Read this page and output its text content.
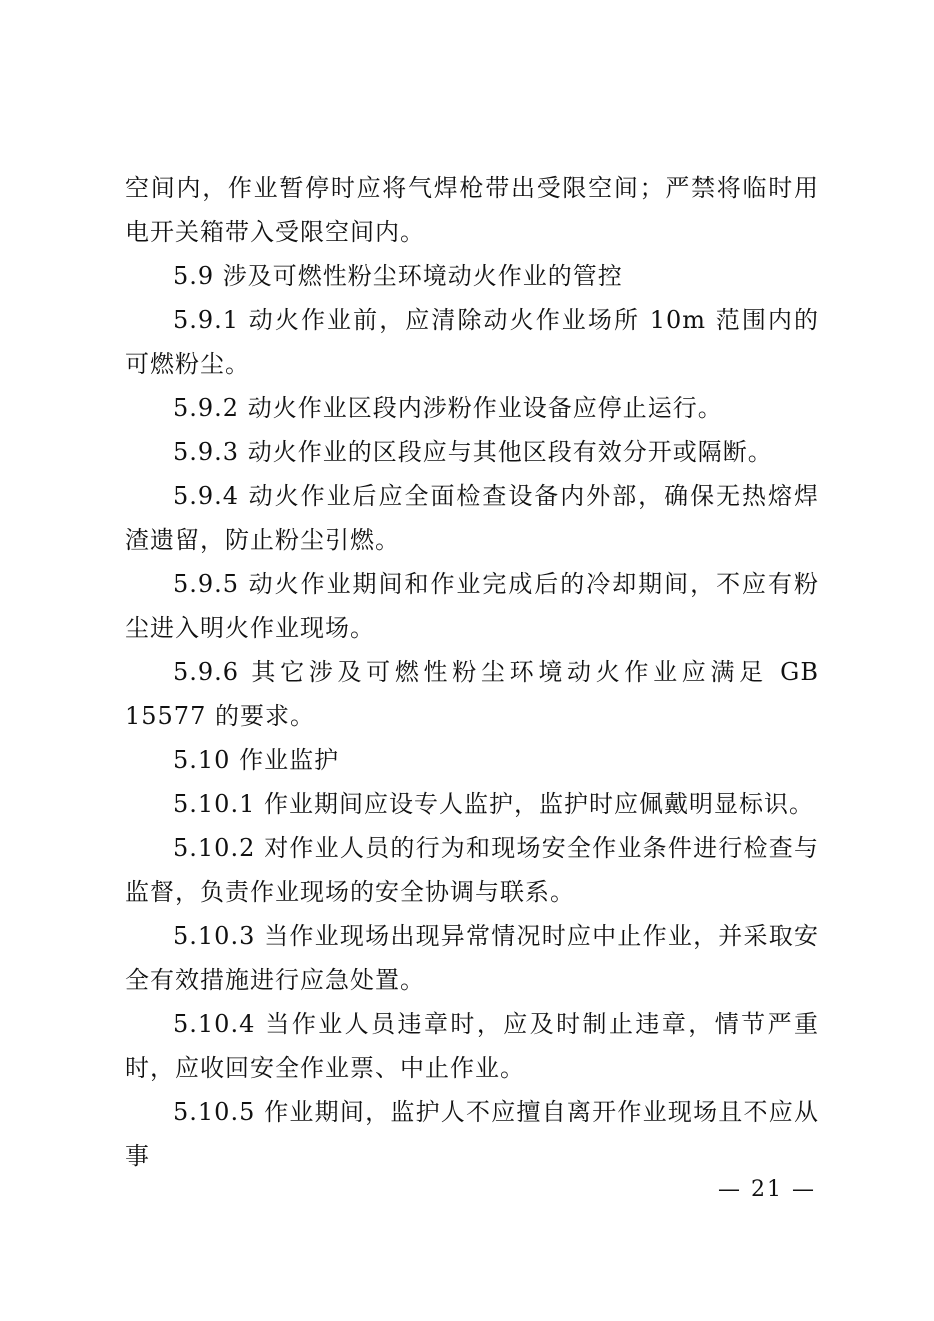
空间内，作业暂停时应将气焊枪带出受限空间；严禁将临时用电开关箱带入受限空间内。

5.9 涉及可燃性粉尘环境动火作业的管控

5.9.1 动火作业前，应清除动火作业场所 10m 范围内的可燃粉尘。

5.9.2 动火作业区段内涉粉作业设备应停止运行。

5.9.3 动火作业的区段应与其他区段有效分开或隔断。

5.9.4 动火作业后应全面检查设备内外部，确保无热熔焊渣遗留，防止粉尘引燃。

5.9.5 动火作业期间和作业完成后的冷却期间，不应有粉尘进入明火作业现场。

5.9.6 其它涉及可燃性粉尘环境动火作业应满足 GB 15577 的要求。

5.10 作业监护

5.10.1 作业期间应设专人监护，监护时应佩戴明显标识。

5.10.2 对作业人员的行为和现场安全作业条件进行检查与监督，负责作业现场的安全协调与联系。

5.10.3 当作业现场出现异常情况时应中止作业，并采取安全有效措施进行应急处置。

5.10.4 当作业人员违章时，应及时制止违章，情节严重时，应收回安全作业票、中止作业。

5.10.5 作业期间，监护人不应擅自离开作业现场且不应从事

— 21 —
